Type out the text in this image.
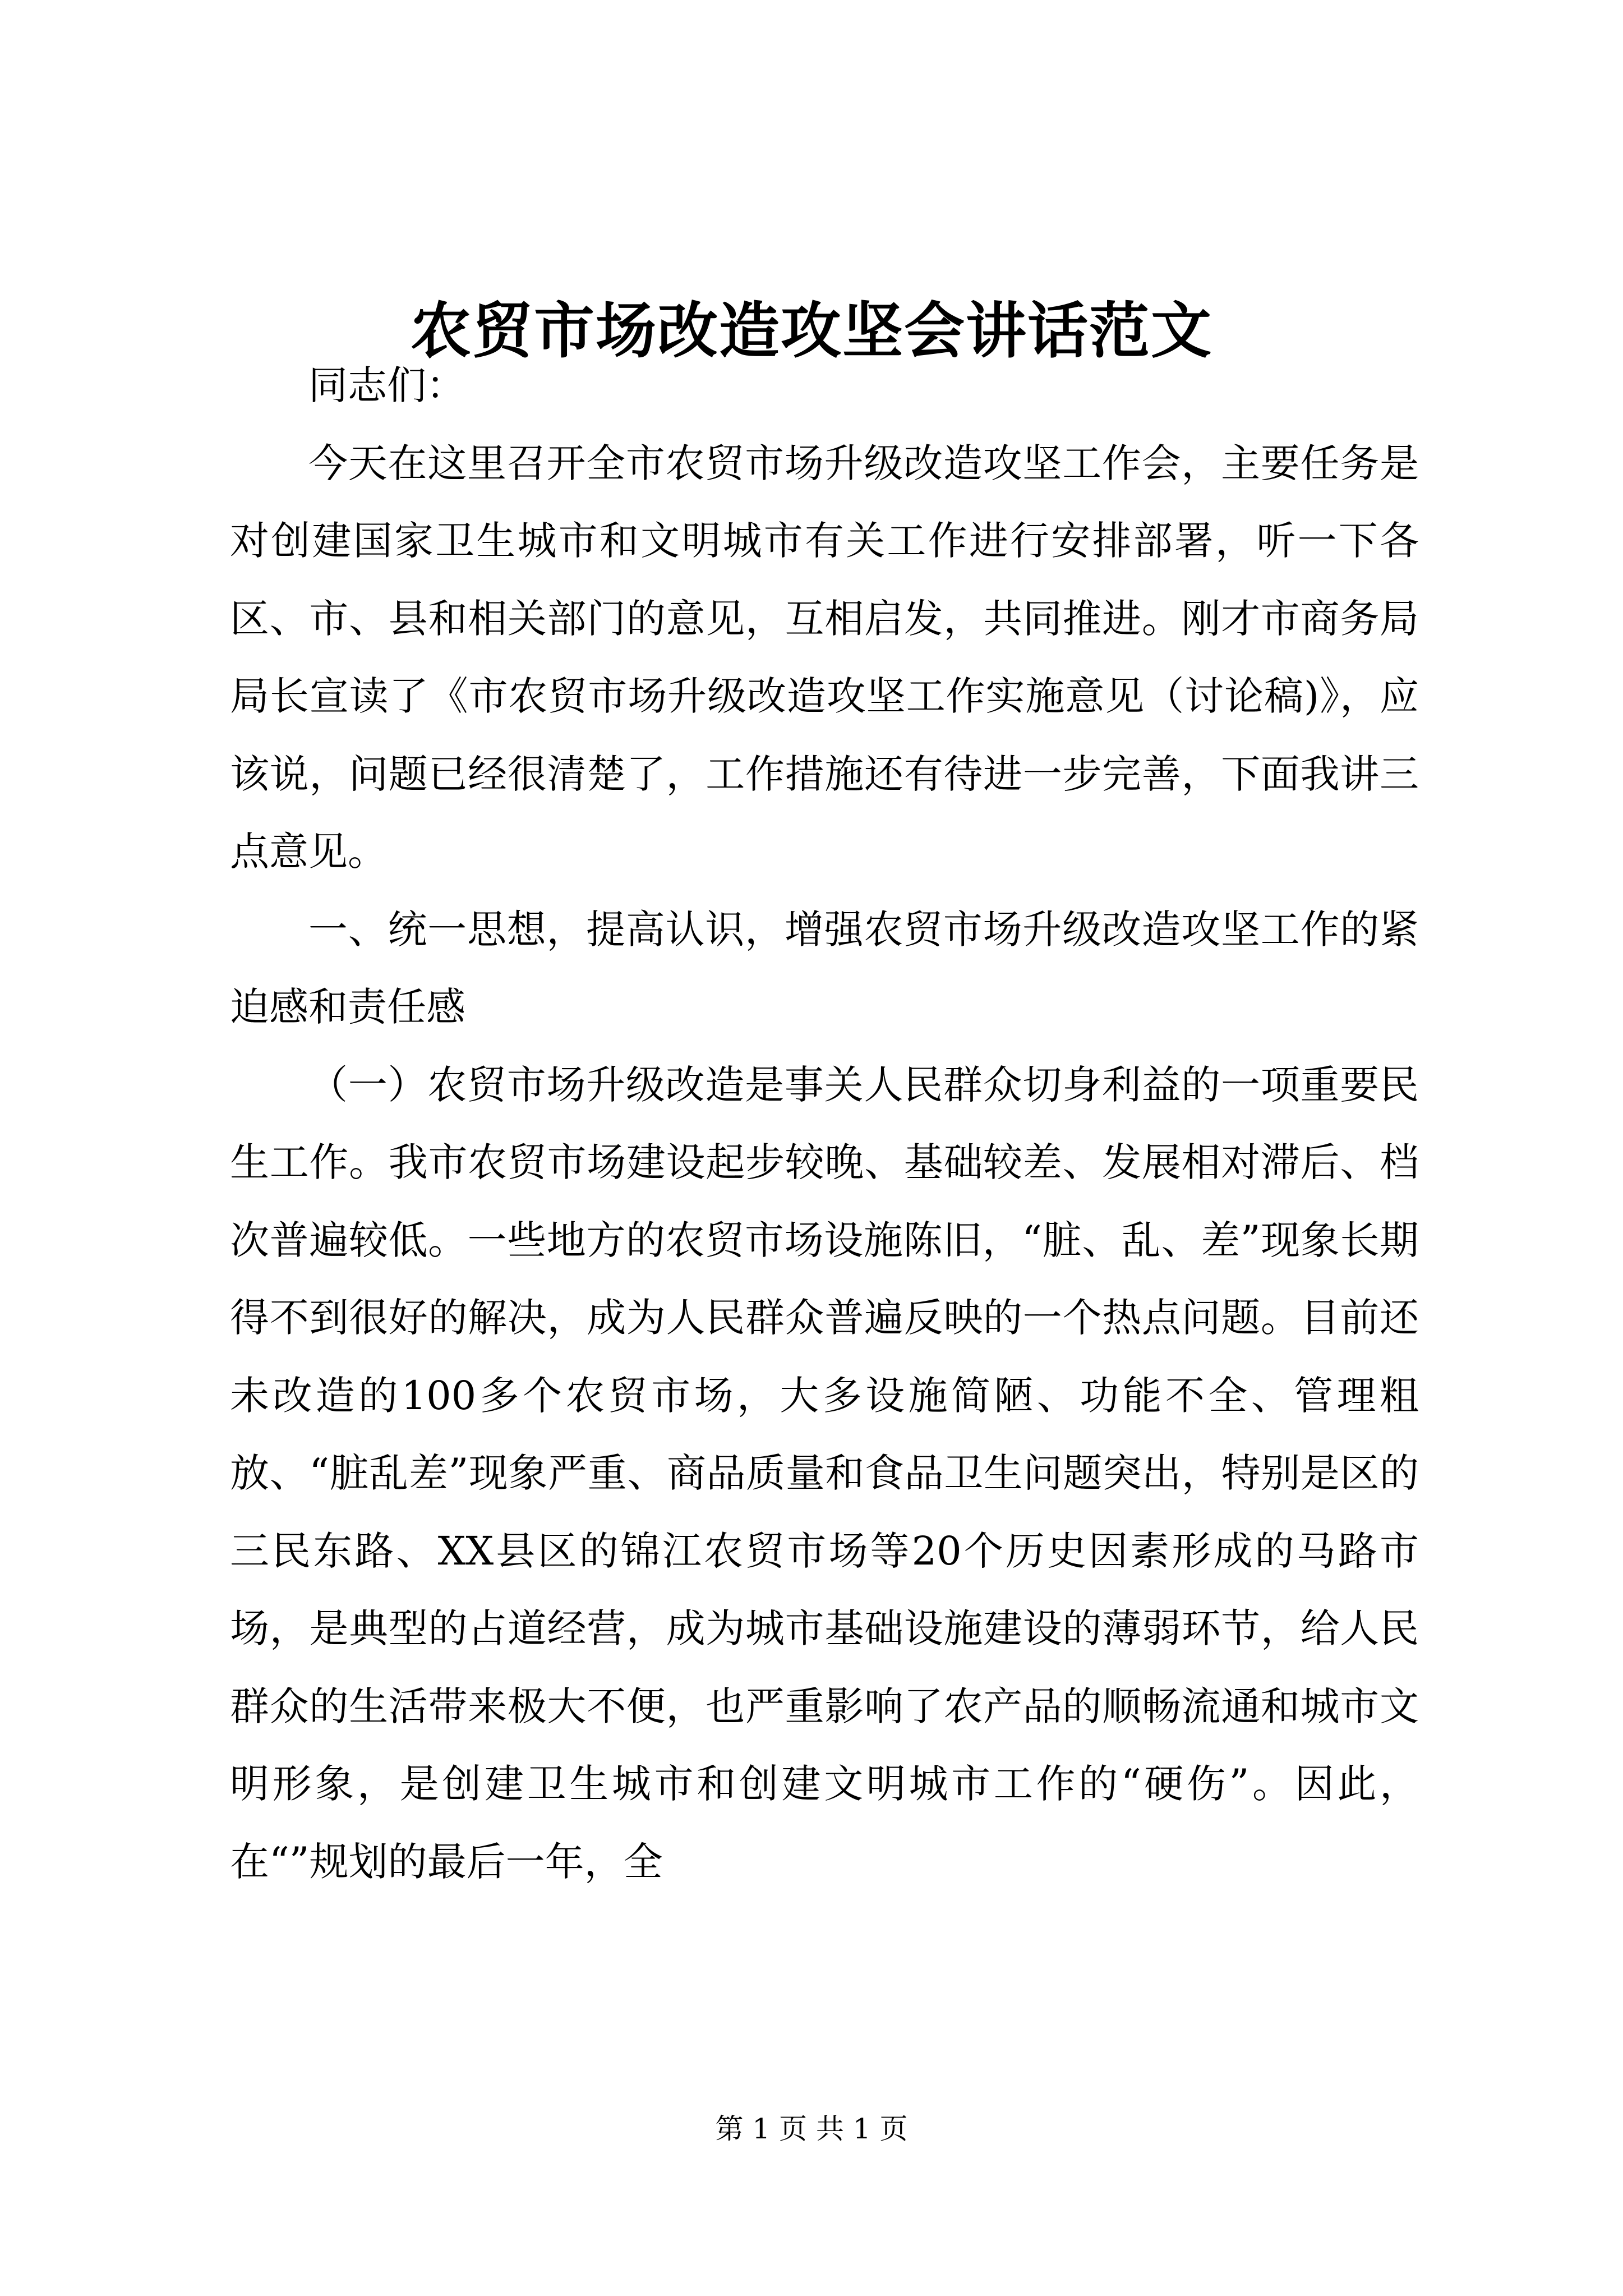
农贸市场改造攻坚会讲话范文

同志们：

今天在这里召开全市农贸市场升级改造攻坚工作会，主要任务是对创建国家卫生城市和文明城市有关工作进行安排部署，听一下各区、市、县和相关部门的意见，互相启发，共同推进。刚才市商务局局长宣读了《市农贸市场升级改造攻坚工作实施意见（讨论稿)》，应该说，问题已经很清楚了，工作措施还有待进一步完善，下面我讲三点意见。

一、统一思想，提高认识，增强农贸市场升级改造攻坚工作的紧迫感和责任感

（一）农贸市场升级改造是事关人民群众切身利益的一项重要民生工作。我市农贸市场建设起步较晚、基础较差、发展相对滞后、档次普遍较低。一些地方的农贸市场设施陈旧，“脏、乱、差”现象长期得不到很好的解决，成为人民群众普遍反映的一个热点问题。目前还未改造的100多个农贸市场，大多设施简陋、功能不全、管理粗放、“脏乱差”现象严重、商品质量和食品卫生问题突出，特别是区的三民东路、XX县区的锦江农贸市场等20个历史因素形成的马路市场，是典型的占道经营，成为城市基础设施建设的薄弱环节，给人民群众的生活带来极大不便，也严重影响了农产品的顺畅流通和城市文明形象，是创建卫生城市和创建文明城市工作的“硬伤”。因此，在“”规划的最后一年，全

第 1 页 共 1 页
